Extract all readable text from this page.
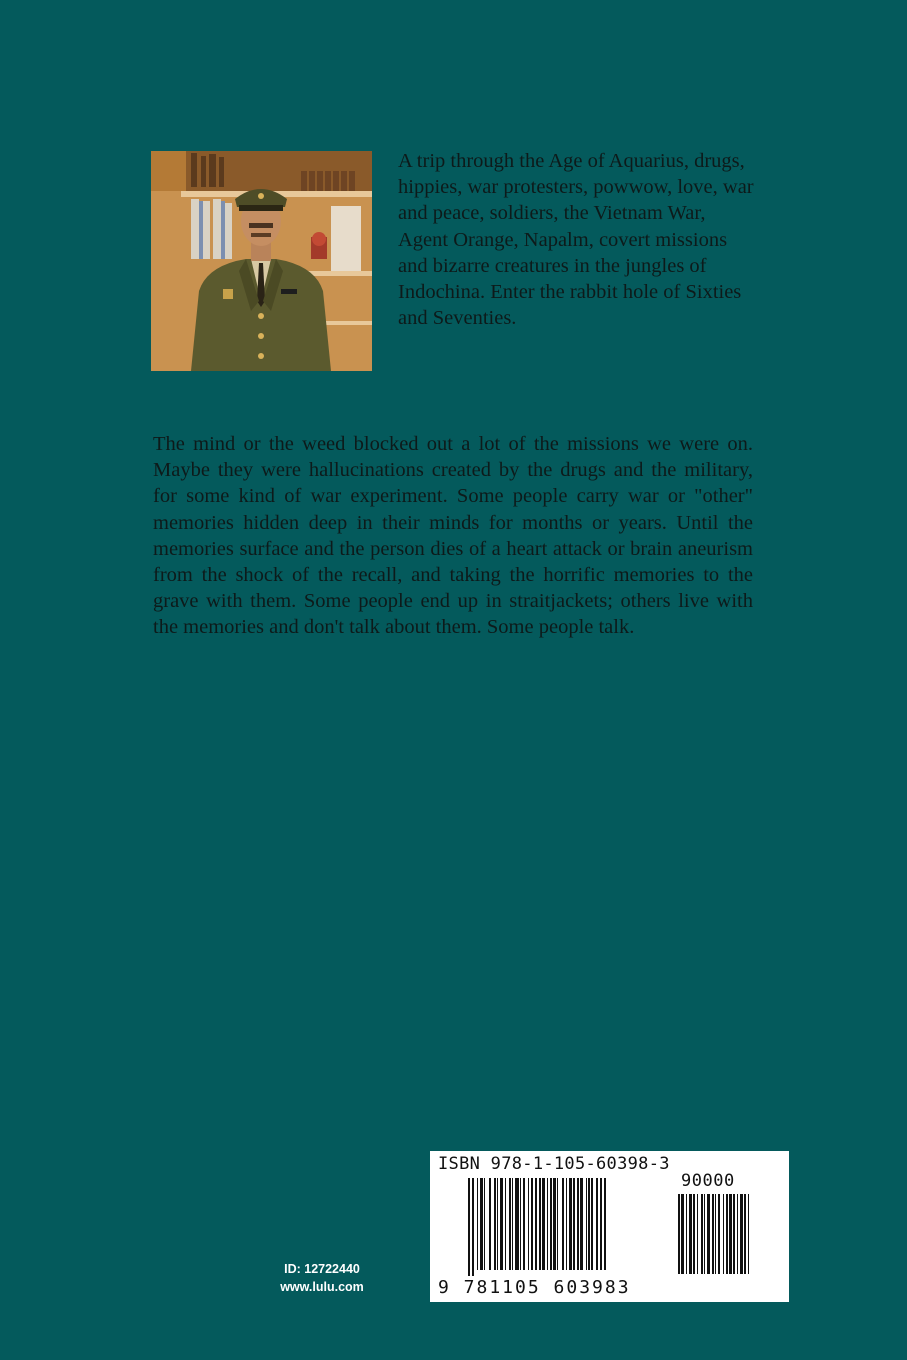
A trip through the Age of Aquarius, drugs, hippies, war protesters, powwow, love, war and peace, soldiers, the Vietnam War, Agent Orange, Napalm, covert missions and bizarre creatures in the jungles of Indochina. Enter the rabbit hole of Sixties and Seventies.

The mind or the weed blocked out a lot of the missions we were on. Maybe they were hallucinations created by the drugs and the military, for some kind of war experiment. Some people carry war or "other" memories hidden deep in their minds for months or years. Until the memories surface and the person dies of a heart attack or brain aneurism from the shock of the recall, and taking the horrific memories to the grave with them. Some people end up in straitjackets; others live with the memories and don't talk about them. Some people talk.

ID: 12722440
www.lulu.com
ISBN 978-1-105-60398-3
90000
9 781105 603983
